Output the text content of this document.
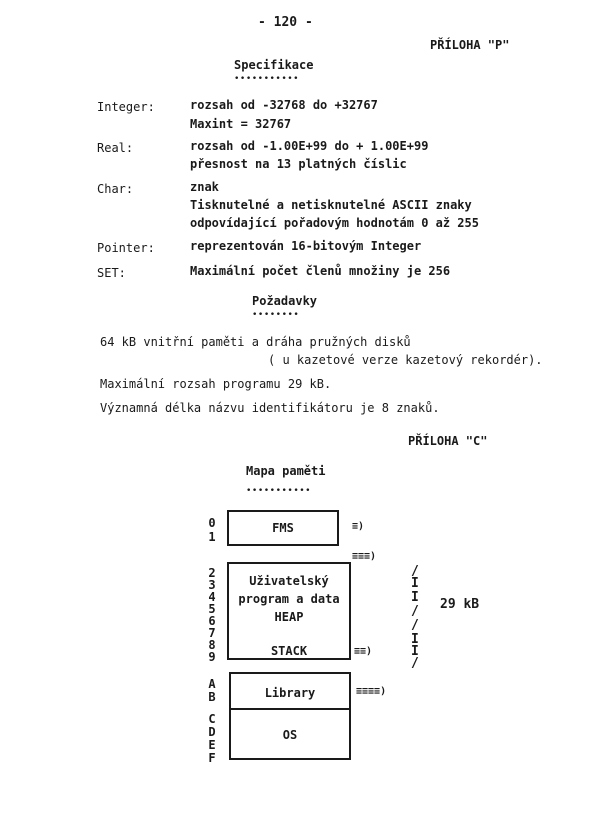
- 120 -
PŘÍLOHA "P"
Specifikace
•••••••••••
Integer:	rozsah od -32768 do +32767
Maxint = 32767
Real:	rozsah od -1.00E+99 do + 1.00E+99
přesnost na 13 platných číslic
Char:	znak
Tisknutelné a netisknutelné ASCII znaky
odpovídající pořadovým hodnotám 0 až 255
Pointer:	reprezentován 16-bitovým Integer
SET:	Maximální počet členů množiny je 256
Požadavky
••••••••
64 kB vnitřní paměti a dráha pružných disků
( u kazetové verze kazetový rekordér).
Maximální rozsah programu 29 kB.
Významná délka názvu identifikátoru je 8 znaků.
PŘÍLOHA "C"
Mapa paměti
•••••••••••
0
1
2
3
4
5
6
7
8
9
A
B
C
D
E
F
FMS	≡)
≡≡≡)
Uživatelský
program a data
HEAP
STACK	≡≡)
/
I
I
/
/
I
I
/
29 kB
Library	≡≡≡≡)
OS
